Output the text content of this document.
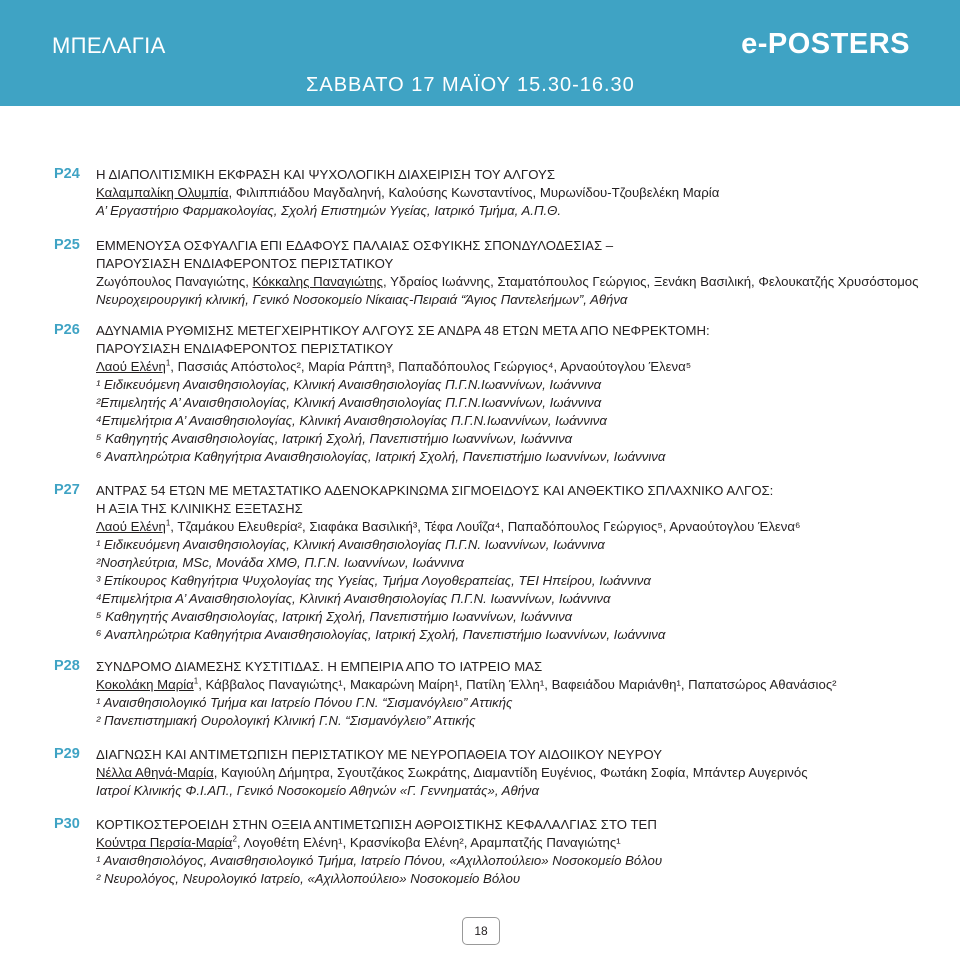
ΜΠΕΛΑΓΙΑ	e-POSTERS
ΣΑΒΒΑΤΟ 17 ΜΑΪΟΥ 15.30-16.30
P24	Η ΔΙΑΠΟΛΙΤΙΣΜΙΚΗ ΕΚΦΡΑΣΗ ΚΑΙ ΨΥΧΟΛΟΓΙΚΗ ΔΙΑΧΕΙΡΙΣΗ ΤΟΥ ΑΛΓΟΥΣ
Καλαμπαλίκη Ολυμπία, Φιλιππιάδου Μαγδαληνή, Καλούσης Κωνσταντίνος, Μυρωνίδου-Τζουβελέκη Μαρία
Α’ Εργαστήριο Φαρμακολογίας, Σχολή Επιστημών Υγείας, Ιατρικό Τμήμα, Α.Π.Θ.
P25	ΕΜΜΕΝΟΥΣΑ ΟΣΦΥΑΛΓΙΑ ΕΠΙ ΕΔΑΦΟΥΣ ΠΑΛΑΙΑΣ ΟΣΦΥΙΚΗΣ ΣΠΟΝΔΥΛΟΔΕΣΙΑΣ –
ΠΑΡΟΥΣΙΑΣΗ ΕΝΔΙΑΦΕΡΟΝΤΟΣ ΠΕΡΙΣΤΑΤΙΚΟΥ
Ζωγόπουλος Παναγιώτης, Κόκκαλης Παναγιώτης, Υδραίος Ιωάννης, Σταματόπουλος Γεώργιος, Ξενάκη Βασιλική, Φελουκατζής Χρυσόστομος
Νευροχειρουργική κλινική, Γενικό Νοσοκομείο Νίκαιας-Πειραιά “Άγιος Παντελεήμων”, Αθήνα
P26	ΑΔΥΝΑΜΙΑ ΡΥΘΜΙΣΗΣ ΜΕΤΕΓΧΕΙΡΗΤΙΚΟΥ ΑΛΓΟΥΣ ΣΕ ΑΝΔΡΑ 48 ΕΤΩΝ ΜΕΤΑ ΑΠΟ ΝΕΦΡΕΚΤΟΜΗ:
ΠΑΡΟΥΣΙΑΣΗ ΕΝΔΙΑΦΕΡΟΝΤΟΣ ΠΕΡΙΣΤΑΤΙΚΟΥ
Λαού Ελένη$^1$, Πασσιάς Απόστολος², Μαρία Ράπτη³, Παπαδόπουλος Γεώργιος⁴, Αρναούτογλου Έλενα⁵
¹ Ειδικευόμενη Αναισθησιολογίας, Κλινική Αναισθησιολογίας Π.Γ.Ν.Ιωαννίνων, Ιωάννινα
²Επιμελητής Α’ Αναισθησιολογίας, Κλινική Αναισθησιολογίας Π.Γ.Ν.Ιωαννίνων, Ιωάννινα
⁴Επιμελήτρια Α’ Αναισθησιολογίας, Κλινική Αναισθησιολογίας Π.Γ.Ν.Ιωαννίνων, Ιωάννινα
⁵ Καθηγητής Αναισθησιολογίας, Ιατρική Σχολή, Πανεπιστήμιο Ιωαννίνων, Ιωάννινα
⁶ Αναπληρώτρια Καθηγήτρια Αναισθησιολογίας, Ιατρική Σχολή, Πανεπιστήμιο Ιωαννίνων, Ιωάννινα
P27	ΑΝΤΡΑΣ 54 ΕΤΩΝ ΜΕ ΜΕΤΑΣΤΑΤΙΚΟ ΑΔΕΝΟΚΑΡΚΙΝΩΜΑ ΣΙΓΜΟΕΙΔΟΥΣ ΚΑΙ ΑΝΘΕΚΤΙΚΟ ΣΠΛΑΧΝΙΚΟ ΑΛΓΟΣ:
Η ΑΞΙΑ ΤΗΣ ΚΛΙΝΙΚΗΣ ΕΞΕΤΑΣΗΣ
Λαού Ελένη$^1$, Τζαμάκου Ελευθερία², Σιαφάκα Βασιλική³, Τέφα Λουΐζα⁴, Παπαδόπουλος Γεώργιος⁵, Αρναούτογλου Έλενα⁶
¹ Ειδικευόμενη Αναισθησιολογίας, Κλινική Αναισθησιολογίας Π.Γ.Ν. Ιωαννίνων, Ιωάννινα
²Νοσηλεύτρια, MSc, Μονάδα ΧΜΘ, Π.Γ.Ν. Ιωαννίνων, Ιωάννινα
³ Επίκουρος Καθηγήτρια Ψυχολογίας της Υγείας, Τμήμα Λογοθεραπείας, ΤΕΙ Ηπείρου, Ιωάννινα
⁴Επιμελήτρια Α’ Αναισθησιολογίας, Κλινική Αναισθησιολογίας Π.Γ.Ν. Ιωαννίνων, Ιωάννινα
⁵ Καθηγητής Αναισθησιολογίας, Ιατρική Σχολή, Πανεπιστήμιο Ιωαννίνων, Ιωάννινα
⁶ Αναπληρώτρια Καθηγήτρια Αναισθησιολογίας, Ιατρική Σχολή, Πανεπιστήμιο Ιωαννίνων, Ιωάννινα
P28	ΣΥΝΔΡΟΜΟ ΔΙΑΜΕΣΗΣ ΚΥΣΤΙΤΙΔΑΣ. Η ΕΜΠΕΙΡΙΑ ΑΠΟ ΤΟ ΙΑΤΡΕΙΟ ΜΑΣ
Κοκολάκη Μαρία$^1$, Κάββαλος Παναγιώτης¹, Μακαρώνη Μαίρη¹, Πατίλη Έλλη¹, Βαφειάδου Μαριάνθη¹, Παπατσώρος Αθανάσιος²
¹ Αναισθησιολογικό Τμήμα και Ιατρείο Πόνου Γ.Ν. “Σισμανόγλειο” Αττικής
² Πανεπιστημιακή Ουρολογική Κλινική Γ.Ν. “Σισμανόγλειο” Αττικής
P29	ΔΙΑΓΝΩΣΗ ΚΑΙ ΑΝΤΙΜΕΤΩΠΙΣΗ ΠΕΡΙΣΤΑΤΙΚΟΥ ΜΕ ΝΕΥΡΟΠΑΘΕΙΑ ΤΟΥ ΑΙΔΟΙΙΚΟΥ ΝΕΥΡΟΥ
Νέλλα Αθηνά-Μαρία, Καγιούλη Δήμητρα, Σγουτζάκος Σωκράτης, Διαμαντίδη Ευγένιος, Φωτάκη Σοφία, Μπάντερ Αυγερινός
Ιατροί Κλινικής Φ.Ι.ΑΠ., Γενικό Νοσοκομείο Αθηνών «Γ. Γεννηματάς», Αθήνα
P30	ΚΟΡΤΙΚΟΣΤΕΡΟΕΙΔΗ ΣΤΗΝ ΟΞΕΙΑ ΑΝΤΙΜΕΤΩΠΙΣΗ ΑΘΡΟΙΣΤΙΚΗΣ ΚΕΦΑΛΑΛΓΙΑΣ ΣΤΟ ΤΕΠ
Κούντρα Περσία-Μαρία$^2$, Λογοθέτη Ελένη¹, Κρασνίκοβα Ελένη², Αραμπατζής Παναγιώτης¹
¹ Αναισθησιολόγος, Αναισθησιολογικό Τμήμα, Ιατρείο Πόνου, «Αχιλλοπούλειο» Νοσοκομείο Βόλου
² Νευρολόγος, Νευρολογικό Ιατρείο, «Αχιλλοπούλειο» Νοσοκομείο Βόλου
18
